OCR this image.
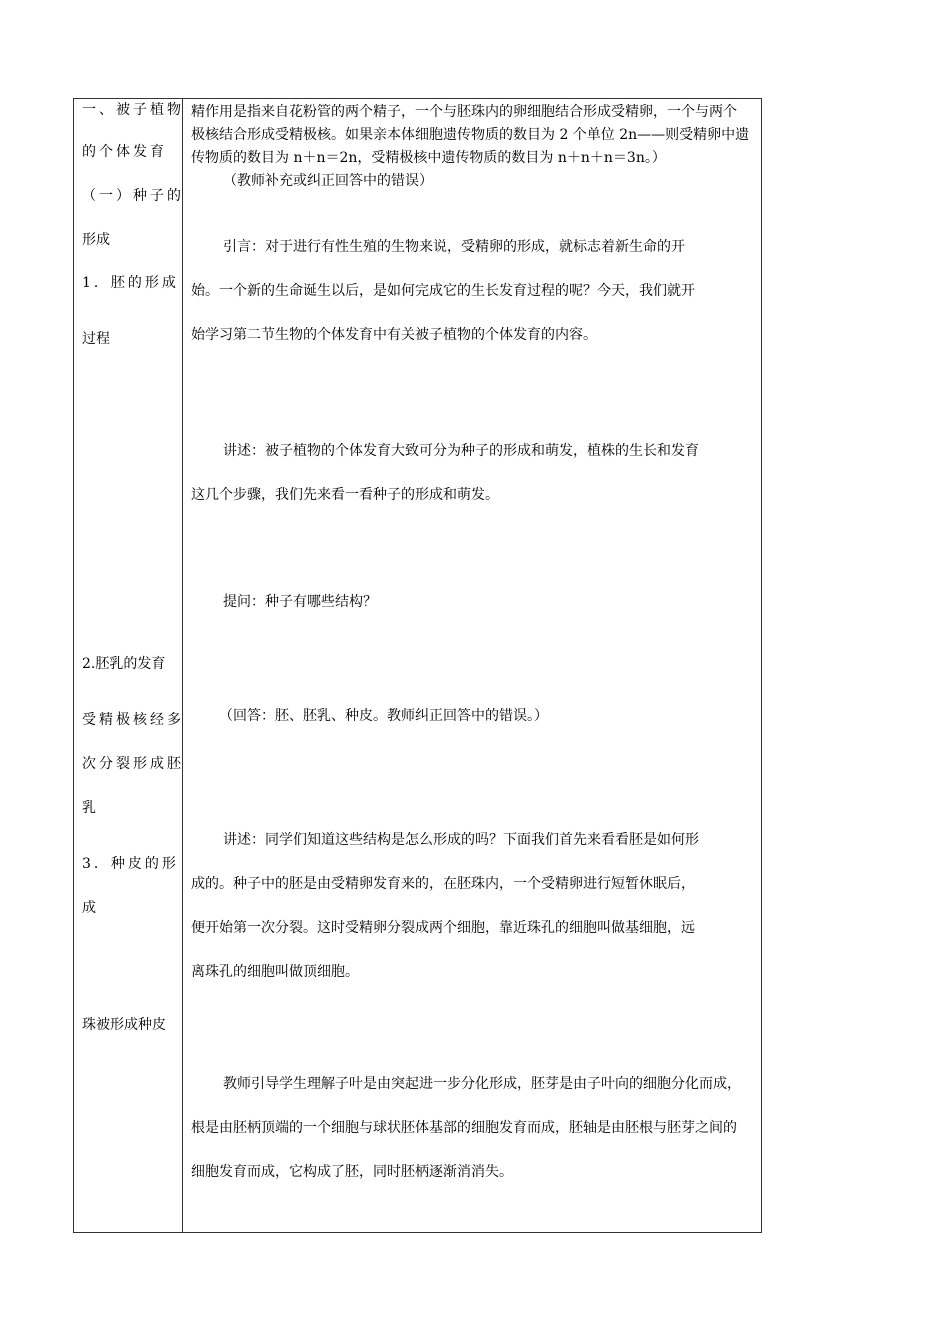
一、被子植物
的个体发育
（一）种子的
形成
1．胚的形成
过程
2.胚乳的发育
受精极核经多
次分裂形成胚
乳
3．种皮的形
成
珠被形成种皮
精作用是指来自花粉管的两个精子，一个与胚珠内的卵细胞结合形成受精卵，一个与两个
极核结合形成受精极核。如果亲本体细胞遗传物质的数目为 2 个单位 2n——则受精卵中遗
传物质的数目为 n＋n＝2n，受精极核中遗传物质的数目为 n＋n＋n＝3n。）
（教师补充或纠正回答中的错误）
引言：对于进行有性生殖的生物来说，受精卵的形成，就标志着新生命的开
始。一个新的生命诞生以后，是如何完成它的生长发育过程的呢？今天，我们就开
始学习第二节生物的个体发育中有关被子植物的个体发育的内容。
讲述：被子植物的个体发育大致可分为种子的形成和萌发，植株的生长和发育
这几个步骤，我们先来看一看种子的形成和萌发。
提问：种子有哪些结构？
（回答：胚、胚乳、种皮。教师纠正回答中的错误。）
讲述：同学们知道这些结构是怎么形成的吗？下面我们首先来看看胚是如何形
成的。种子中的胚是由受精卵发育来的，在胚珠内，一个受精卵进行短暂休眠后，
便开始第一次分裂。这时受精卵分裂成两个细胞，靠近珠孔的细胞叫做基细胞，远
离珠孔的细胞叫做顶细胞。
教师引导学生理解子叶是由突起进一步分化形成，胚芽是由子叶向的细胞分化而成，
根是由胚柄顶端的一个细胞与球状胚体基部的细胞发育而成，胚轴是由胚根与胚芽之间的
细胞发育而成，它构成了胚，同时胚柄逐渐消消失。
